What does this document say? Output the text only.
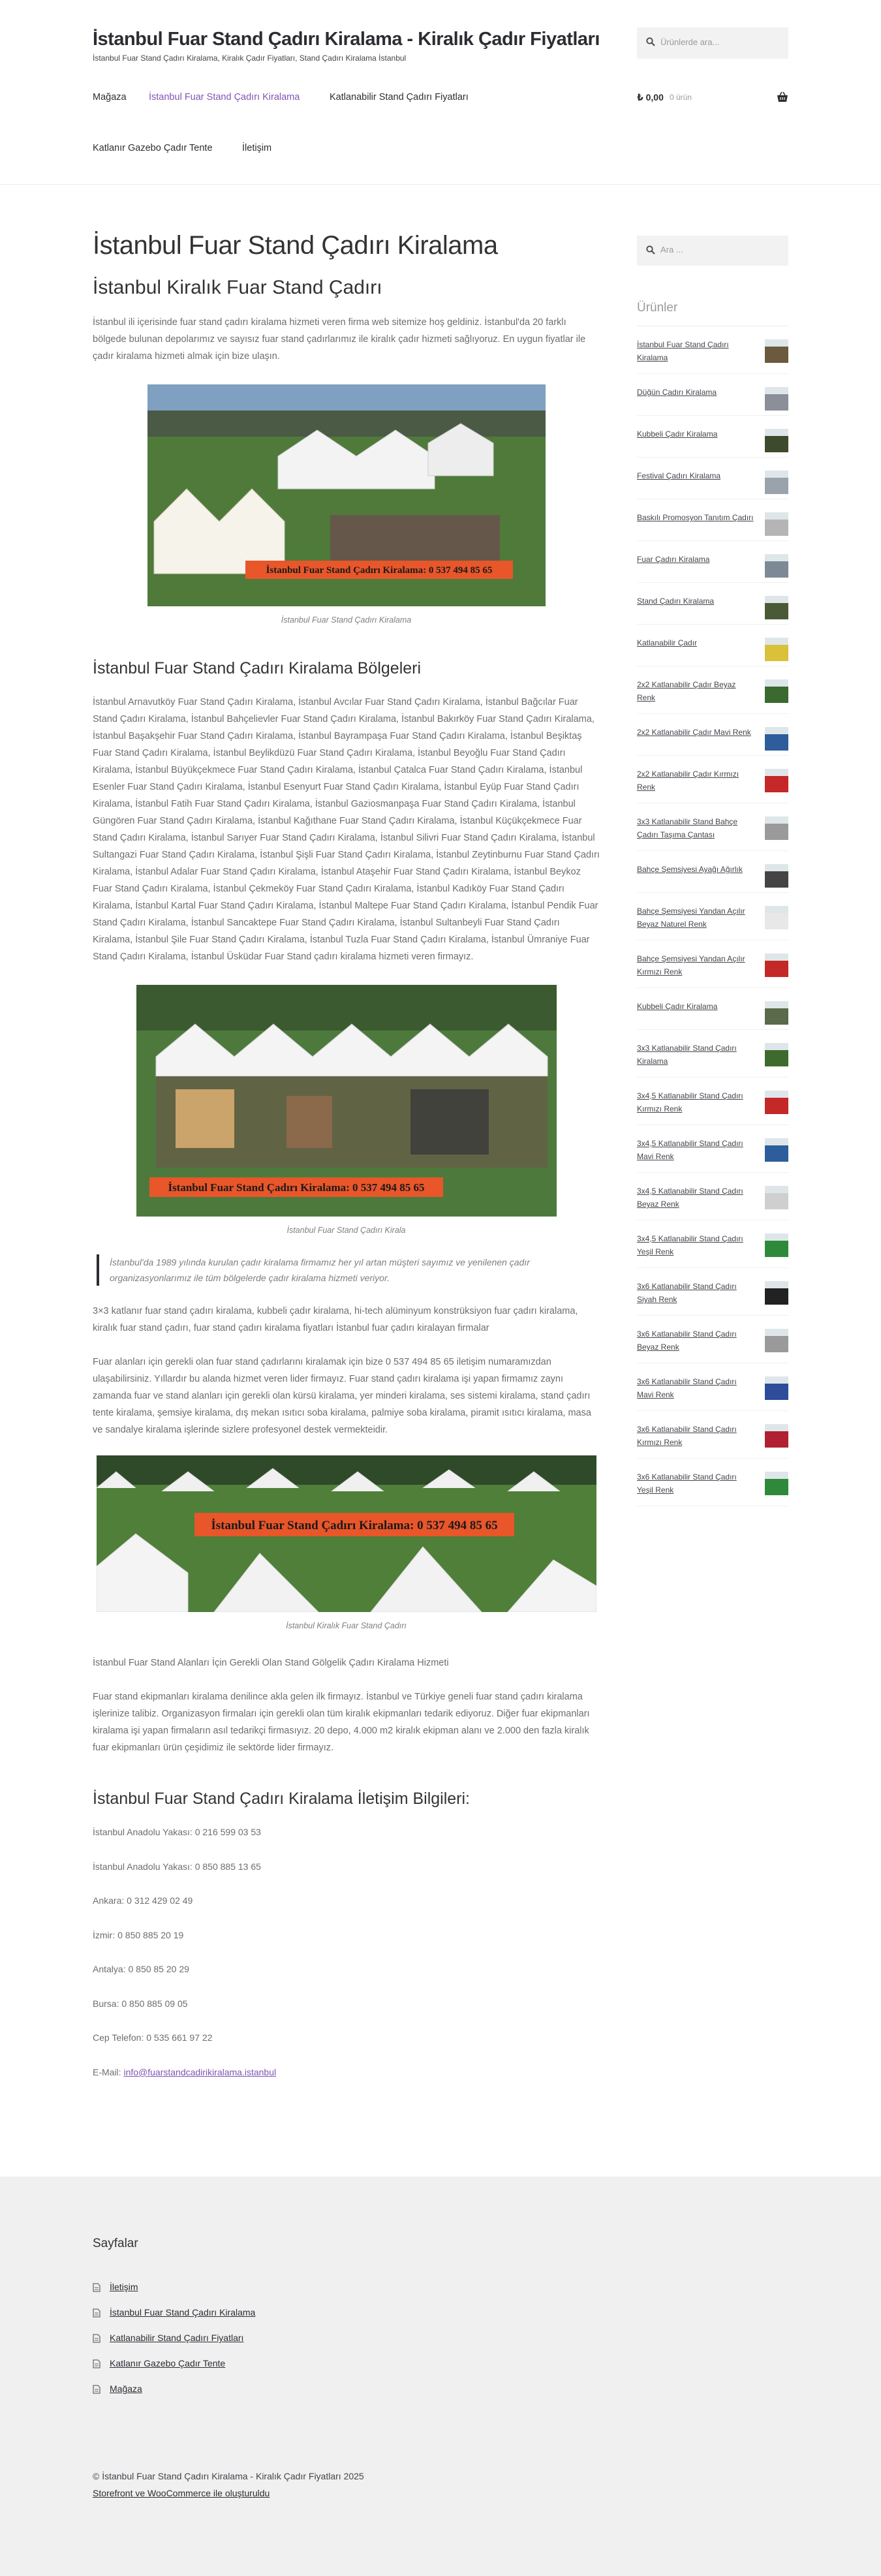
İstanbul Fuar Stand Çadırı Kiralama - Kiralık Çadır Fiyatları
İstanbul Fuar Stand Çadırı Kiralama, Kiralık Çadır Fiyatları, Stand Çadırı Kiralama İstanbul
Ürünlerde ara...
Mağaza İstanbul Fuar Stand Çadırı Kiralama	Katlanabilir Stand Çadırı Fiyatları
Katlanır Gazebo Çadır Tente	İletişim
₺ 0,00 0 ürün
İstanbul Fuar Stand Çadırı Kiralama
İstanbul Kiralık Fuar Stand Çadırı

İstanbul ili içerisinde fuar stand çadırı kiralama hizmeti veren firma web sitemize hoş geldiniz. İstanbul'da 20 farklı bölgede bulunan depolarımız ve sayısız fuar stand çadırlarımız ile kiralık çadır hizmeti sağlıyoruz. En uygun fiyatlar ile çadır kiralama hizmeti almak için bize ulaşın.

İstanbul Fuar Stand Çadırı Kiralama: 0 537 494 85 65
İstanbul Fuar Stand Çadırı Kiralama
İstanbul Fuar Stand Çadırı Kiralama Bölgeleri

İstanbul Arnavutköy Fuar Stand Çadırı Kiralama, İstanbul Avcılar Fuar Stand Çadırı Kiralama, İstanbul Bağcılar Fuar Stand Çadırı Kiralama, İstanbul Bahçelievler Fuar Stand Çadırı Kiralama, İstanbul Bakırköy Fuar Stand Çadırı Kiralama, İstanbul Başakşehir Fuar Stand Çadırı Kiralama, İstanbul Bayrampaşa Fuar Stand Çadırı Kiralama, İstanbul Beşiktaş Fuar Stand Çadırı Kiralama, İstanbul Beylikdüzü Fuar Stand Çadırı Kiralama, İstanbul Beyoğlu Fuar Stand Çadırı Kiralama, İstanbul Büyükçekmece Fuar Stand Çadırı Kiralama, İstanbul Çatalca Fuar Stand Çadırı Kiralama, İstanbul Esenler Fuar Stand Çadırı Kiralama, İstanbul Esenyurt Fuar Stand Çadırı Kiralama, İstanbul Eyüp Fuar Stand Çadırı Kiralama, İstanbul Fatih Fuar Stand Çadırı Kiralama, İstanbul Gaziosmanpaşa Fuar Stand Çadırı Kiralama, İstanbul Güngören Fuar Stand Çadırı Kiralama, İstanbul Kağıthane Fuar Stand Çadırı Kiralama, İstanbul Küçükçekmece Fuar Stand Çadırı Kiralama, İstanbul Sarıyer Fuar Stand Çadırı Kiralama, İstanbul Silivri Fuar Stand Çadırı Kiralama, İstanbul Sultangazi Fuar Stand Çadırı Kiralama, İstanbul Şişli Fuar Stand Çadırı Kiralama, İstanbul Zeytinburnu Fuar Stand Çadırı Kiralama, İstanbul Adalar Fuar Stand Çadırı Kiralama, İstanbul Ataşehir Fuar Stand Çadırı Kiralama, İstanbul Beykoz Fuar Stand Çadırı Kiralama, İstanbul Çekmeköy Fuar Stand Çadırı Kiralama, İstanbul Kadıköy Fuar Stand Çadırı Kiralama, İstanbul Kartal Fuar Stand Çadırı Kiralama, İstanbul Maltepe Fuar Stand Çadırı Kiralama, İstanbul Pendik Fuar Stand Çadırı Kiralama, İstanbul Sancaktepe Fuar Stand Çadırı Kiralama, İstanbul Sultanbeyli Fuar Stand Çadırı Kiralama, İstanbul Şile Fuar Stand Çadırı Kiralama, İstanbul Tuzla Fuar Stand Çadırı Kiralama, İstanbul Ümraniye Fuar Stand Çadırı Kiralama, İstanbul Üsküdar Fuar Stand çadırı kiralama hizmeti veren firmayız.

İstanbul Fuar Stand Çadırı Kiralama: 0 537 494 85 65
İstanbul Fuar Stand Çadırı Kirala
İstanbul'da 1989 yılında kurulan çadır kiralama firmamız her yıl artan müşteri sayımız ve yenilenen çadır organizasyonlarımız ile tüm bölgelerde çadır kiralama hizmeti veriyor.

3×3 katlanır fuar stand çadırı kiralama, kubbeli çadır kiralama, hi-tech alüminyum konstrüksiyon fuar çadırı kiralama, kiralık fuar stand çadırı, fuar stand çadırı kiralama fiyatları İstanbul fuar çadırı kiralayan firmalar

Fuar alanları için gerekli olan fuar stand çadırlarını kiralamak için bize 0 537 494 85 65 iletişim numaramızdan ulaşabilirsiniz. Yıllardır bu alanda hizmet veren lider firmayız. Fuar stand çadırı kiralama işi yapan firmamız zaynı zamanda fuar ve stand alanları için gerekli olan kürsü kiralama, yer minderi kiralama, ses sistemi kiralama, stand çadırı tente kiralama, şemsiye kiralama, dış mekan ısıtıcı soba kiralama, palmiye soba kiralama, piramit ısıtıcı kiralama, masa ve sandalye kiralama işlerinde sizlere profesyonel destek vermekteidir.

İstanbul Fuar Stand Çadırı Kiralama: 0 537 494 85 65
İstanbul Kiralık Fuar Stand Çadırı

İstanbul Fuar Stand Alanları İçin Gerekli Olan Stand Gölgelik Çadırı Kiralama Hizmeti

Fuar stand ekipmanları kiralama denilince akla gelen ilk firmayız. İstanbul ve Türkiye geneli fuar stand çadırı kiralama işlerinize talibiz. Organizasyon firmaları için gerekli olan tüm kiralık ekipmanları tedarik ediyoruz. Diğer fuar ekipmanları kiralama işi yapan firmaların asıl tedarikçi firmasıyız. 20 depo, 4.000 m2 kiralık ekipman alanı ve 2.000 den fazla kiralık fuar ekipmanları ürün çeşidimiz ile sektörde lider firmayız.

İstanbul Fuar Stand Çadırı Kiralama İletişim Bilgileri:
İstanbul Anadolu Yakası: 0 216 599 03 53
İstanbul Anadolu Yakası: 0 850 885 13 65
Ankara: 0 312 429 02 49
İzmir: 0 850 885 20 19
Antalya: 0 850 85 20 29
Bursa: 0 850 885 09 05
Cep Telefon: 0 535 661 97 22
E-Mail: info@fuarstandcadirikiralama.istanbul
Ara ...
Ürünler
İstanbul Fuar Stand Çadırı Kiralama
Düğün Çadırı Kiralama
Kubbeli Çadır Kiralama
Festival Çadırı Kiralama
Baskılı Promosyon Tanıtım Çadırı
Fuar Çadırı Kiralama
Stand Çadırı Kiralama
Katlanabilir Çadır
2x2 Katlanabilir Çadır Beyaz Renk
2x2 Katlanabilir Çadır Mavi Renk
2x2 Katlanabilir Çadır Kırmızı Renk
3x3 Katlanabilir Stand Bahçe Çadırı Taşıma Çantası
Bahçe Şemsiyesi Ayağı Ağırlık
Bahçe Şemsiyesi Yandan Açılır Beyaz Naturel Renk
Bahçe Şemsiyesi Yandan Açılır Kırmızı Renk
Kubbeli Çadır Kiralama
3x3 Katlanabilir Stand Çadırı Kiralama
3x4,5 Katlanabilir Stand Çadırı Kırmızı Renk
3x4,5 Katlanabilir Stand Çadırı Mavi Renk
3x4,5 Katlanabilir Stand Çadırı Beyaz Renk
3x4,5 Katlanabilir Stand Çadırı Yeşil Renk
3x6 Katlanabilir Stand Çadırı Siyah Renk
3x6 Katlanabilir Stand Çadırı Beyaz Renk
3x6 Katlanabilir Stand Çadırı Mavi Renk
3x6 Katlanabilir Stand Çadırı Kırmızı Renk
3x6 Katlanabilir Stand Çadırı Yeşil Renk
Sayfalar
İletişim
İstanbul Fuar Stand Çadırı Kiralama
Katlanabilir Stand Çadırı Fiyatları
Katlanır Gazebo Çadır Tente
Mağaza
© İstanbul Fuar Stand Çadırı Kiralama - Kiralık Çadır Fiyatları 2025
Storefront ve WooCommerce ile oluşturuldu
